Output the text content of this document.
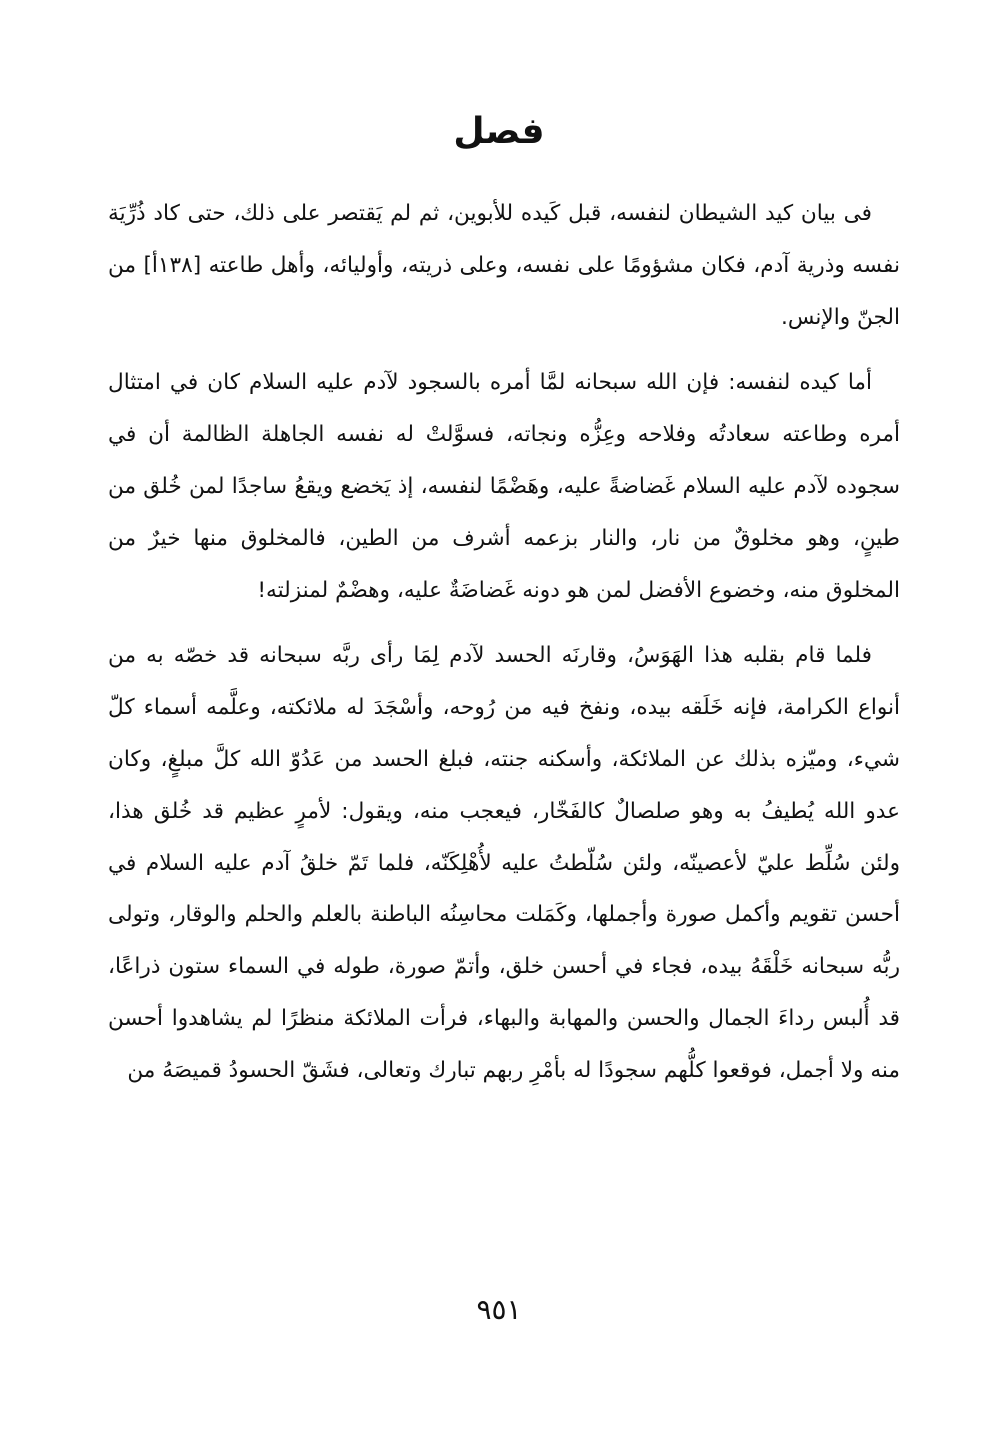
فصل

فى بيان كيد الشيطان لنفسه، قبل كَيده للأبوين، ثم لم يَقتصر على ذلك، حتى كاد ذُرِّيَة نفسه وذرية آدم، فكان مشؤومًا على نفسه، وعلى ذريته، وأوليائه، وأهل طاعته [١٣٨أ] من الجنّ والإنس.

أما كيده لنفسه: فإن الله سبحانه لمَّا أمره بالسجود لآدم عليه السلام كان في امتثال أمره وطاعته سعادتُه وفلاحه وعِزُّه ونجاته، فسوَّلتْ له نفسه الجاهلة الظالمة أن في سجوده لآدم عليه السلام غَضاضةً عليه، وهَضْمًا لنفسه، إذ يَخضع ويقعُ ساجدًا لمن خُلق من طينٍ، وهو مخلوقٌ من نار، والنار بزعمه أشرف من الطين، فالمخلوق منها خيرٌ من المخلوق منه، وخضوع الأفضل لمن هو دونه غَضاضَةٌ عليه، وهضْمٌ لمنزلته!

فلما قام بقلبه هذا الهَوَسُ، وقارنَه الحسد لآدم لِمَا رأى ربَّه سبحانه قد خصّه به من أنواع الكرامة، فإنه خَلَقه بيده، ونفخ فيه من رُوحه، وأسْجَدَ له ملائكته، وعلَّمه أسماء كلّ شيء، وميّزه بذلك عن الملائكة، وأسكنه جنته، فبلغ الحسد من عَدُوّ الله كلَّ مبلغٍ، وكان عدو الله يُطيفُ به وهو صلصالٌ كالفَخّار، فيعجب منه، ويقول: لأمرٍ عظيم قد خُلق هذا، ولئن سُلِّط عليّ لأعصينّه، ولئن سُلّطتُ عليه لأُهْلِكَنّه، فلما تَمّ خلقُ آدم عليه السلام في أحسن تقويم وأكمل صورة وأجملها، وكَمَلت محاسِنُه الباطنة بالعلم والحلم والوقار، وتولى ربُّه سبحانه خَلْقَهُ بيده، فجاء في أحسن خلق، وأتمّ صورة، طوله في السماء ستون ذراعًا، قد أُلبس رداءَ الجمال والحسن والمهابة والبهاء، فرأت الملائكة منظرًا لم يشاهدوا أحسن منه ولا أجمل، فوقعوا كلُّهم سجودًا له بأمْرِ ربهم تبارك وتعالى، فشَقّ الحسودُ قميصَهُ من

٩٥١
